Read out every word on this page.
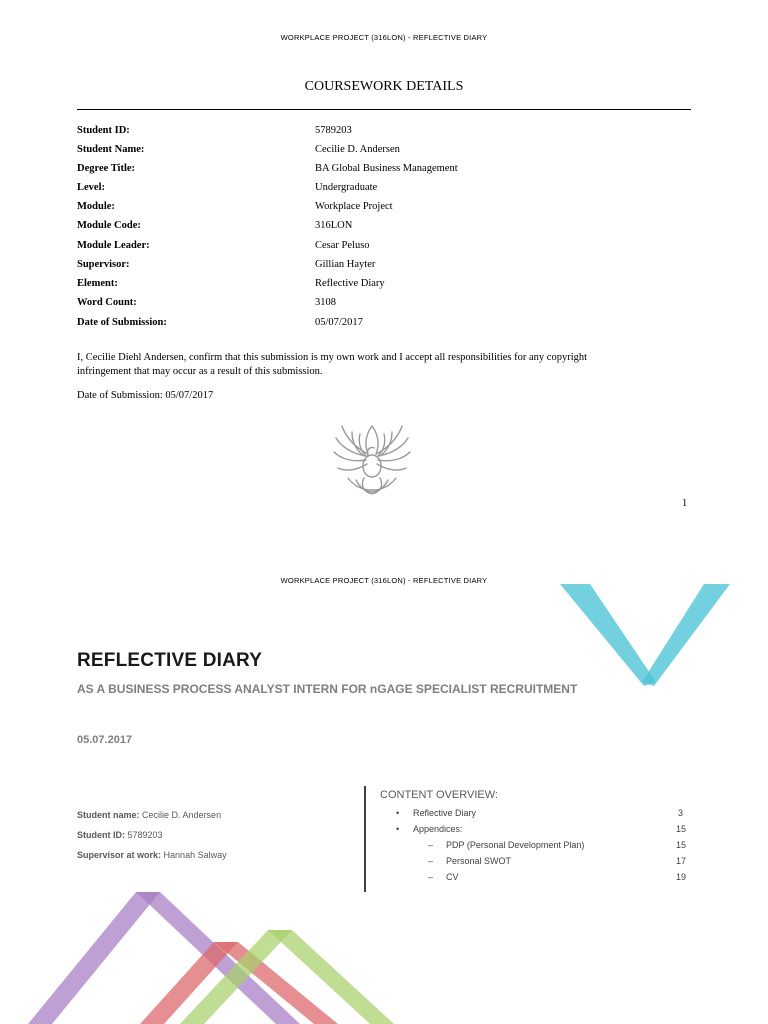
WORKPLACE PROJECT (316LON) - REFLECTIVE DIARY
COURSEWORK DETAILS
Student ID:	5789203
Student Name:	Cecilie D. Andersen
Degree Title:	BA Global Business Management
Level:	Undergraduate
Module:	Workplace Project
Module Code:	316LON
Module Leader:	Cesar Peluso
Supervisor:	Gillian Hayter
Element:	Reflective Diary
Word Count:	3108
Date of Submission:	05/07/2017
I, Cecilie Diehl Andersen, confirm that this submission is my own work and I accept all responsibilities for any copyright
infringement that may occur as a result of this submission.
Date of Submission: 05/07/2017
1
WORKPLACE PROJECT (316LON) - REFLECTIVE DIARY
REFLECTIVE DIARY
AS A BUSINESS PROCESS ANALYST INTERN FOR nGAGE SPECIALIST RECRUITMENT
05.07.2017
Student name: Cecilie D. Andersen
Student ID: 5789203
Supervisor at work: Hannah Salway
CONTENT OVERVIEW:
• Reflective Diary	3
• Appendices:	15
– PDP (Personal Development Plan)	15
– Personal SWOT	17
– CV	19
